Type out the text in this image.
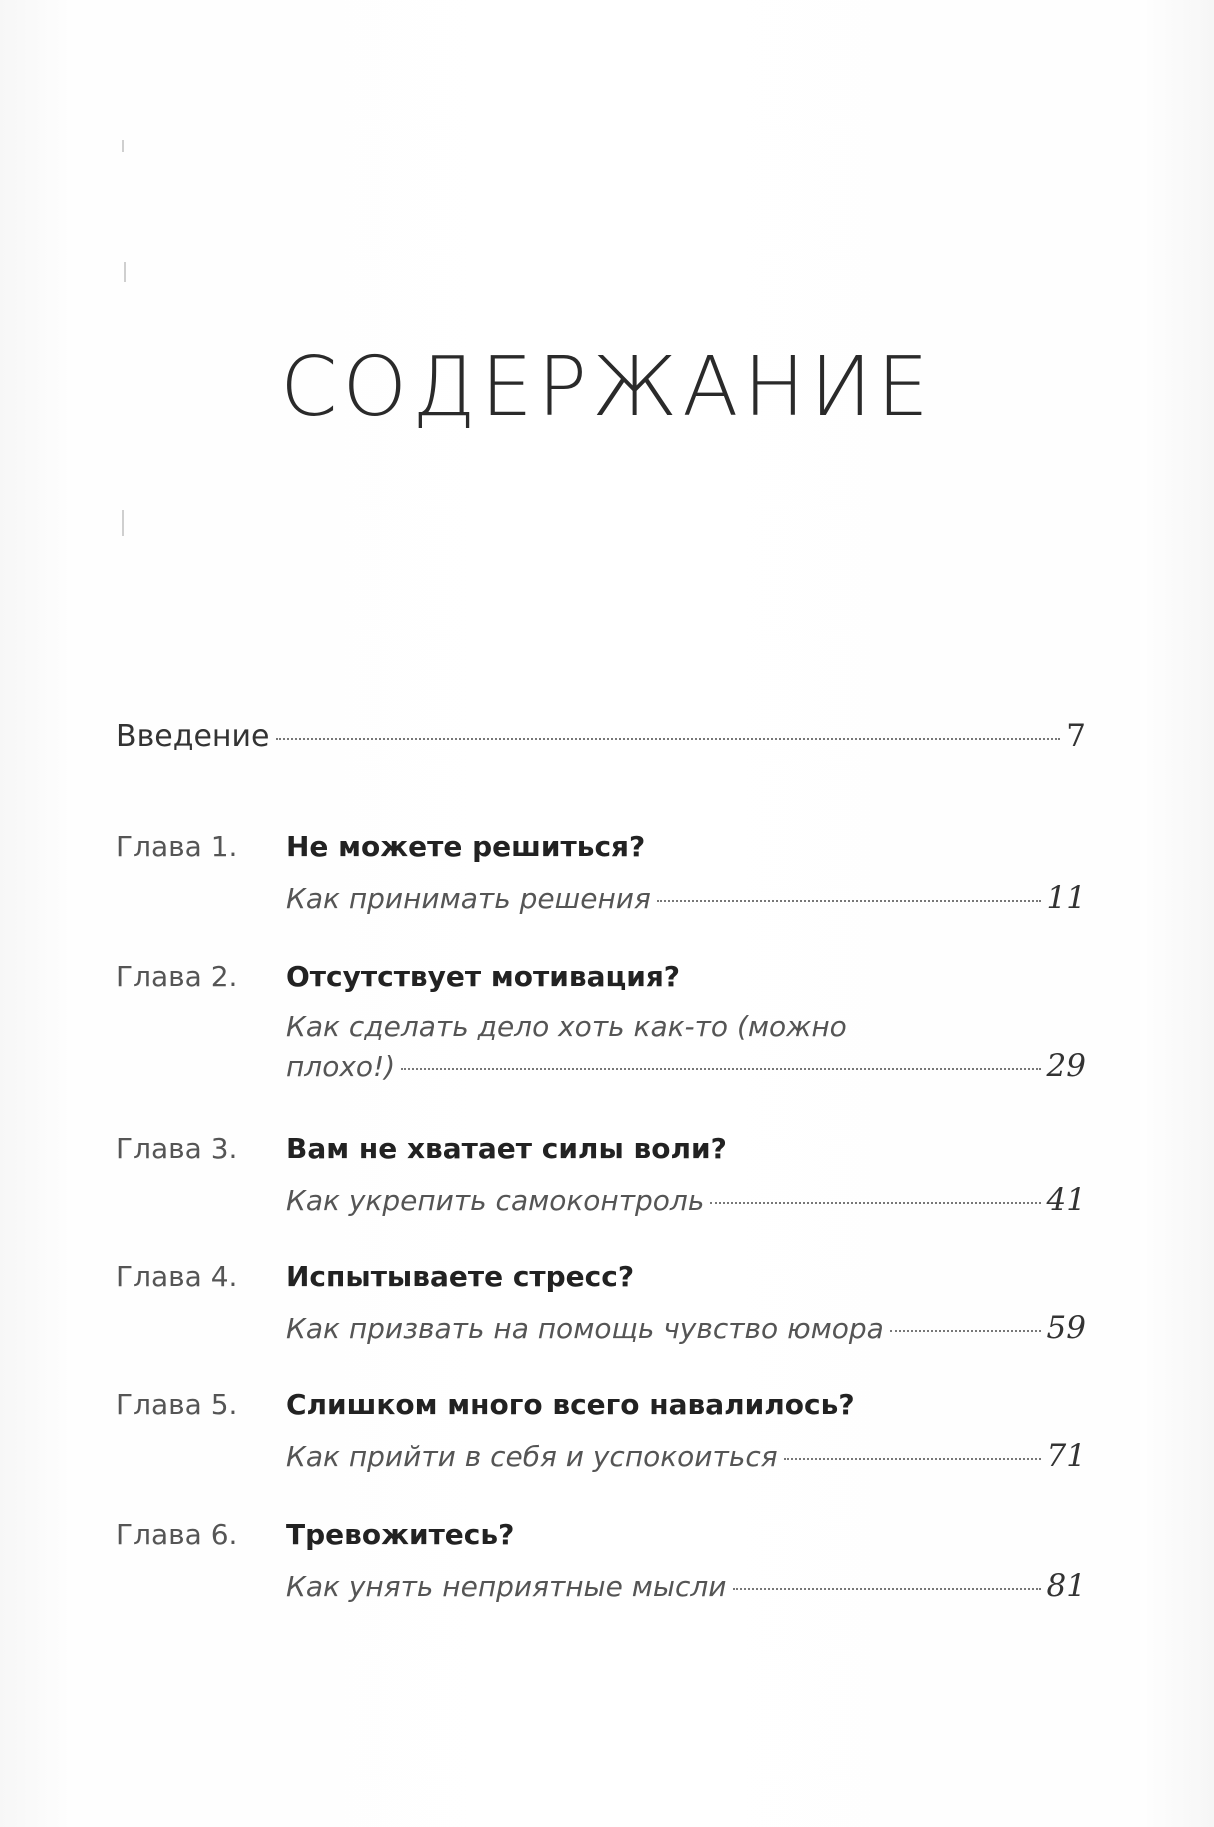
СОДЕРЖАНИЕ
Введение	7
Глава 1. Не можете решиться?
Как принимать решения	11
Глава 2. Отсутствует мотивация?
Как сделать дело хоть как-то (можно
плохо!)	29
Глава 3. Вам не хватает силы воли?
Как укрепить самоконтроль	41
Глава 4. Испытываете стресс?
Как призвать на помощь чувство юмора	59
Глава 5. Слишком много всего навалилось?
Как прийти в себя и успокоиться	71
Глава 6. Тревожитесь?
Как унять неприятные мысли	81
